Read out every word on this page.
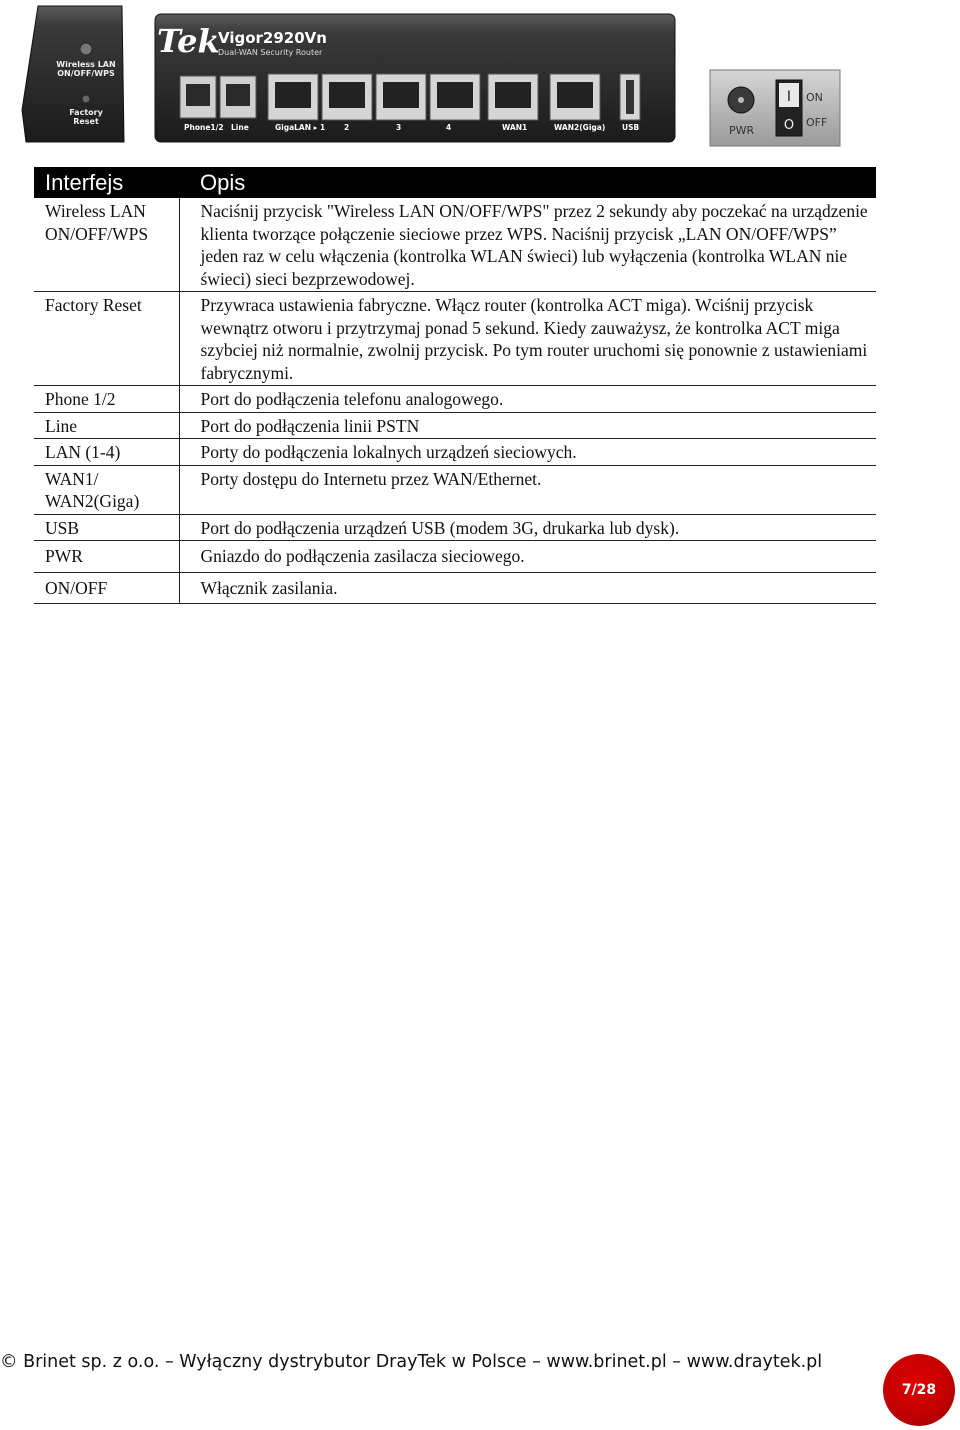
Wireless LAN
ON/OFF/WPS
Factory
Reset
Tek
Vigor2920Vn
Dual-WAN Security Router
Phone1/2 Line	GigaLAN ▸ 1	2	3	4	WAN1	WAN2(Giga) USB	PWR
I
O
ON
OFF
Interfejs	Opis
Wireless LAN ON/OFF/WPS	Naciśnij przycisk "Wireless LAN ON/OFF/WPS" przez 2 sekundy aby poczekać na urządzenie klienta tworzące połączenie sieciowe przez WPS. Naciśnij przycisk „LAN ON/OFF/WPS” jeden raz w celu włączenia (kontrolka WLAN świeci) lub wyłączenia (kontrolka WLAN nie świeci) sieci bezprzewodowej.
Factory Reset	Przywraca ustawienia fabryczne. Włącz router (kontrolka ACT miga). Wciśnij przycisk wewnątrz otworu i przytrzymaj ponad 5 sekund. Kiedy zauważysz, że kontrolka ACT miga szybciej niż normalnie, zwolnij przycisk. Po tym router uruchomi się ponownie z ustawieniami fabrycznymi.
Phone 1/2	Port do podłączenia telefonu analogowego.
Line	Port do podłączenia linii PSTN
LAN (1-4)	Porty do podłączenia lokalnych urządzeń sieciowych.
WAN1/ WAN2(Giga)	Porty dostępu do Internetu przez WAN/Ethernet.
USB	Port do podłączenia urządzeń USB (modem 3G, drukarka lub dysk).
PWR	Gniazdo do podłączenia zasilacza sieciowego.
ON/OFF	Włącznik zasilania.
© Brinet sp. z o.o. – Wyłączny dystrybutor DrayTek w Polsce – www.brinet.pl – www.draytek.pl
7/28
